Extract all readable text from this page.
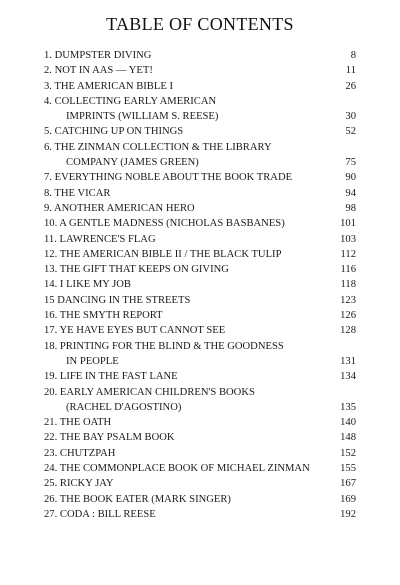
TABLE OF CONTENTS
1. DUMPSTER DIVING	8
2. NOT IN AAS — YET!	11
3. THE AMERICAN BIBLE I	26
4. COLLECTING EARLY AMERICAN
IMPRINTS (WILLIAM S. REESE)	30
5. CATCHING UP ON THINGS	52
6. THE ZINMAN COLLECTION & THE LIBRARY
COMPANY (JAMES GREEN)	75
7. EVERYTHING NOBLE ABOUT THE BOOK TRADE	90
8. THE VICAR	94
9. ANOTHER AMERICAN HERO	98
10. A GENTLE MADNESS (NICHOLAS BASBANES)	101
11. LAWRENCE'S FLAG	103
12. THE AMERICAN BIBLE II / THE BLACK TULIP	112
13. THE GIFT THAT KEEPS ON GIVING	116
14. I LIKE MY JOB	118
15 DANCING IN THE STREETS	123
16. THE SMYTH REPORT	126
17. YE HAVE EYES BUT CANNOT SEE	128
18. PRINTING FOR THE BLIND & THE GOODNESS
IN PEOPLE	131
19. LIFE IN THE FAST LANE	134
20. EARLY AMERICAN CHILDREN'S BOOKS
(RACHEL D'AGOSTINO)	135
21. THE OATH	140
22. THE BAY PSALM BOOK	148
23. CHUTZPAH	152
24. THE COMMONPLACE BOOK OF MICHAEL ZINMAN	155
25. RICKY JAY	167
26. THE BOOK EATER (MARK SINGER)	169
27. CODA : BILL REESE	192
